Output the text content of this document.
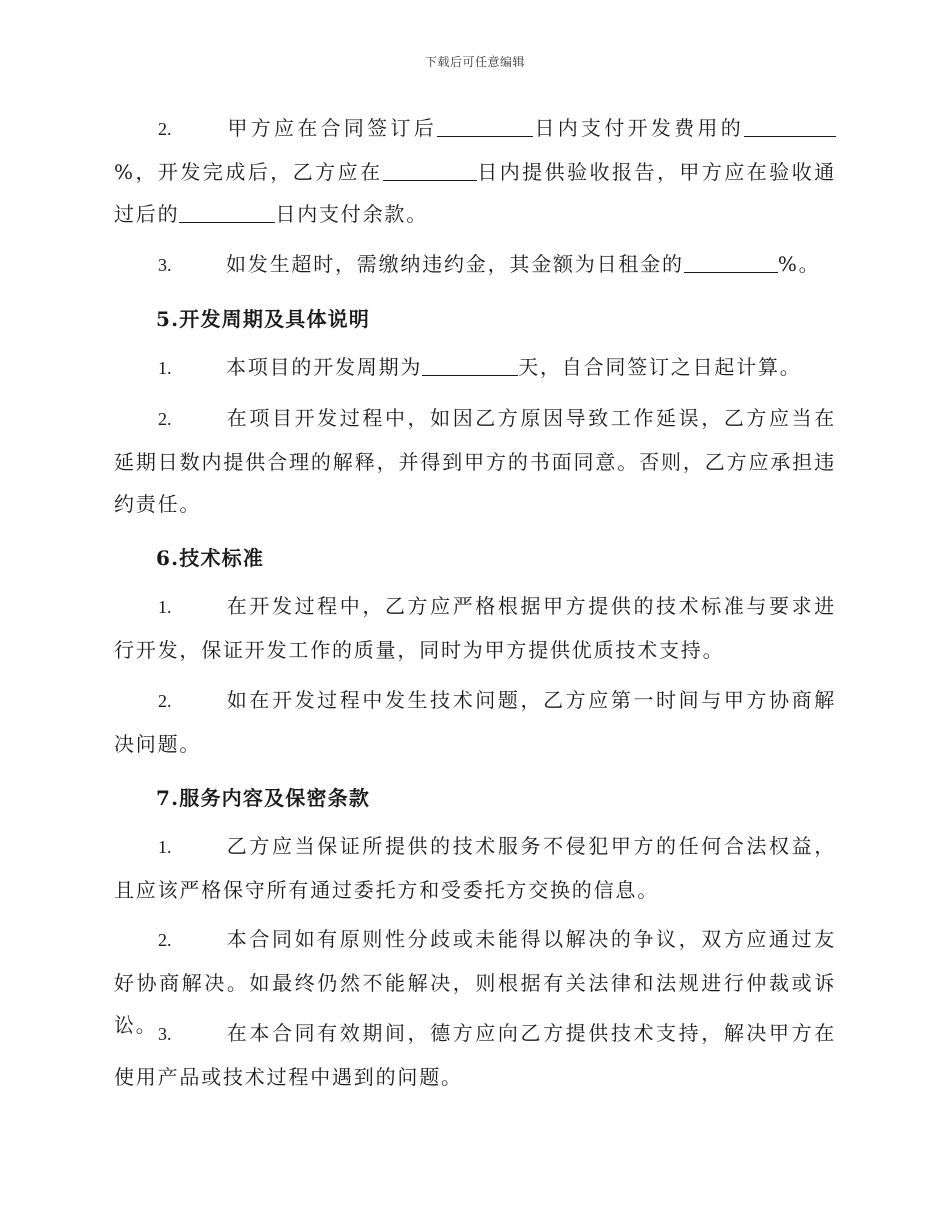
下载后可任意编辑

2.	甲方应在合同签订后	日内支付开发费用的%，开发完成后，乙方应在	日内提供验收报告，甲方应在验收通过后的	日内支付余款。

3.	如发生超时，需缴纳违约金，其金额为日租金的	%。

5.开发周期及具体说明

1.	本项目的开发周期为	天，自合同签订之日起计算。

2.	在项目开发过程中，如因乙方原因导致工作延误，乙方应当在延期日数内提供合理的解释，并得到甲方的书面同意。否则，乙方应承担违约责任。

6.技术标准

1.	在开发过程中，乙方应严格根据甲方提供的技术标准与要求进行开发，保证开发工作的质量，同时为甲方提供优质技术支持。

2.	如在开发过程中发生技术问题，乙方应第一时间与甲方协商解决问题。

7.服务内容及保密条款

1.	乙方应当保证所提供的技术服务不侵犯甲方的任何合法权益，且应该严格保守所有通过委托方和受委托方交换的信息。

2.	本合同如有原则性分歧或未能得以解决的争议，双方应通过友好协商解决。如最终仍然不能解决，则根据有关法律和法规进行仲裁或诉讼。 3.	在本合同有效期间，德方应向乙方提供技术支持，解决甲方在使用产品或技术过程中遇到的问题。
